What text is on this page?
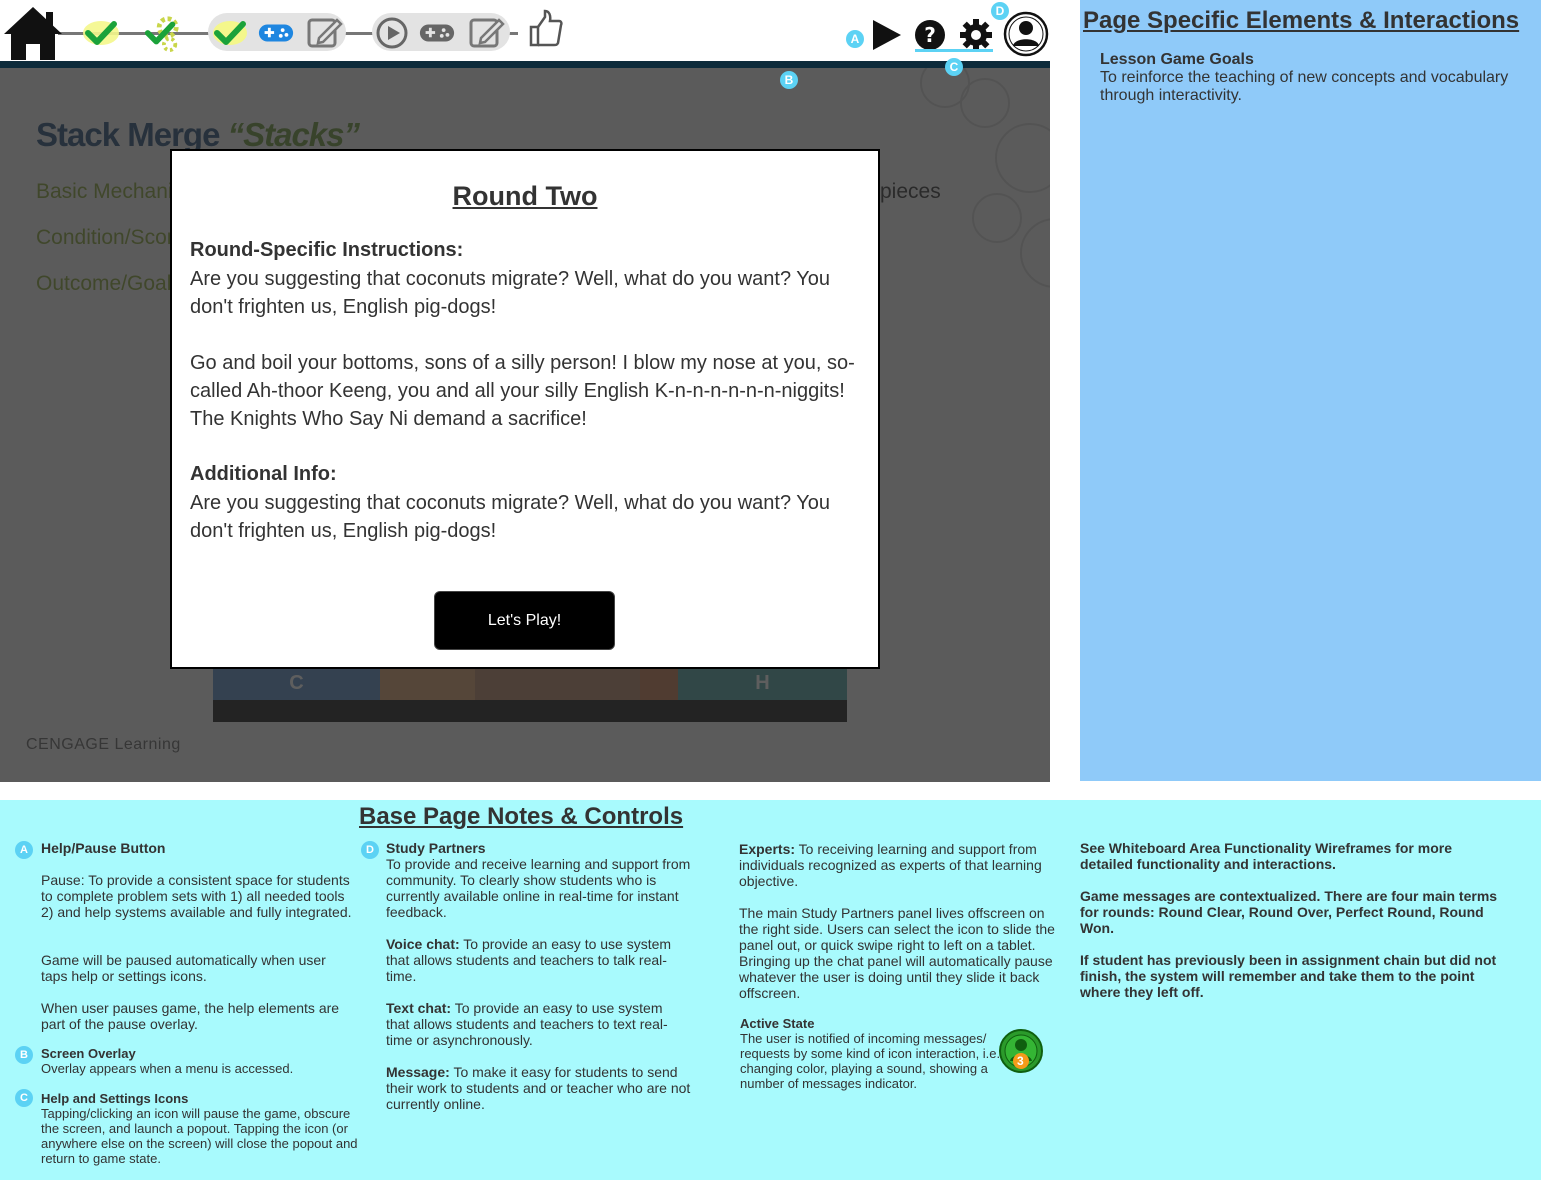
A	?
C
D
B
Round Two
Round-Specific Instructions:
Are you suggesting that coconuts migrate? Well, what do you want? You don't frighten us, English pig-dogs!
Go and boil your bottoms, sons of a silly person! I blow my nose at you, so-called Ah-thoor Keeng, you and all your silly English K-n-n-n-n-n-n-niggits! The Knights Who Say Ni demand a sacrifice!
Additional Info:
Are you suggesting that coconuts migrate? Well, what do you want? You don't frighten us, English pig-dogs!
Let's Play!
Page Specific Elements & Interactions
Lesson Game Goals
To reinforce the teaching of new concepts and vocabulary through interactivity.
Base Page Notes & Controls
A Help/Pause Button
Pause: To provide a consistent space for students to complete problem sets with 1) all needed tools 2) and help systems available and fully integrated.
Game will be paused automatically when user taps help or settings icons.
When user pauses game, the help elements are part of the pause overlay.
B	Screen Overlay
Overlay appears when a menu is accessed.
C	Help and Settings Icons
Tapping/clicking an icon will pause the game, obscure the screen, and launch a popout. Tapping the icon (or anywhere else on the screen) will close the popout and return to game state.
D Study Partners
To provide and receive learning and support from community. To clearly show students who is currently available online in real-time for instant feedback.
Voice chat: To provide an easy to use system that allows students and teachers to talk real-time.
Text chat: To provide an easy to use system that allows students and teachers to text real-time or asynchronously.
Message: To make it easy for students to send their work to students and or teacher who are not currently online.
Experts: To receiving learning and support from individuals recognized as experts of that learning objective.
The main Study Partners panel lives offscreen on the right side. Users can select the icon to slide the panel out, or quick swipe right to left on a tablet. Bringing up the chat panel will automatically pause whatever the user is doing until they slide it back offscreen.
Active State
The user is notified of incoming messages/ requests by some kind of icon interaction, i.e. changing color, playing a sound, showing a number of messages indicator.
3
See Whiteboard Area Functionality Wireframes for more detailed functionality and interactions.
Game messages are contextualized. There are four main terms for rounds: Round Clear, Round Over, Perfect Round, Round Won.
If student has previously been in assignment chain but did not finish, the system will remember and take them to the point where they left off.
